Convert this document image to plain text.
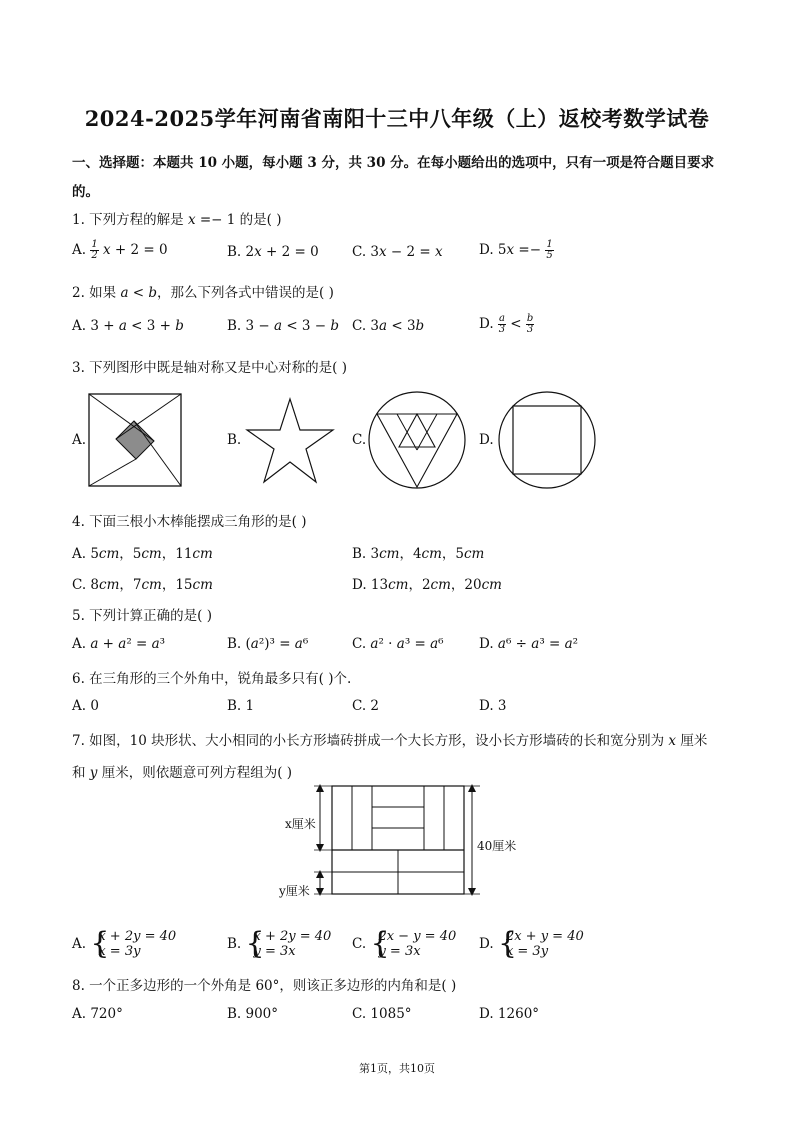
2024-2025学年河南省南阳十三中八年级（上）返校考数学试卷
一、选择题：本题共 10 小题，每小题 3 分，共 30 分。在每小题给出的选项中，只有一项是符合题目要求
的。
1. 下列方程的解是 𝑥 =− 1 的是( )
A. $\frac{1}{2}$ 𝑥 + 2 = 0	B. 2𝑥 + 2 = 0 C. 3𝑥 − 2 = 𝑥	D. 5𝑥 =− $\frac{1}{5}$
2. 如果 𝑎 < 𝑏，那么下列各式中错误的是( )
A. 3 + 𝑎 < 3 + 𝑏	B. 3 − 𝑎 < 3 − 𝑏 C. 3𝑎 < 3𝑏	D. $\frac{a}{3} < \frac{b}{3}$
3. 下列图形中既是轴对称又是中心对称的是( )
A.	B.	C.	D.
4. 下面三根小木棒能摆成三角形的是( )
A. 5𝑐𝑚，5𝑐𝑚，11𝑐𝑚	B. 3𝑐𝑚，4𝑐𝑚，5𝑐𝑚
C. 8𝑐𝑚，7𝑐𝑚，15𝑐𝑚	D. 13𝑐𝑚，2𝑐𝑚，20𝑐𝑚
5. 下列计算正确的是( )
A. 𝑎 + 𝑎² = 𝑎³	B. (𝑎²)³ = 𝑎⁶	C. 𝑎² · 𝑎³ = 𝑎⁶	D. 𝑎⁶ ÷ 𝑎³ = 𝑎²
6. 在三角形的三个外角中，锐角最多只有( )个.
A. 0	B. 1	C. 2	D. 3
7. 如图，10 块形状、大小相同的小长方形墙砖拼成一个大长方形，设小长方形墙砖的长和宽分别为 𝑥 厘米
和 𝑦 厘米，则依题意可列方程组为( )
x厘米
y厘米
40厘米
A. {
𝑥 + 2𝑦 = 40
𝑥 = 3𝑦	B. {
𝑥 + 2𝑦 = 40
𝑦 = 3𝑥	C. {
2𝑥 − 𝑦 = 40
𝑦 = 3𝑥	D. {
2𝑥 + 𝑦 = 40
𝑥 = 3𝑦
8. 一个正多边形的一个外角是 60°，则该正多边形的内角和是( )
A. 720°	B. 900°	C. 1085°	D. 1260°
第1页，共10页
